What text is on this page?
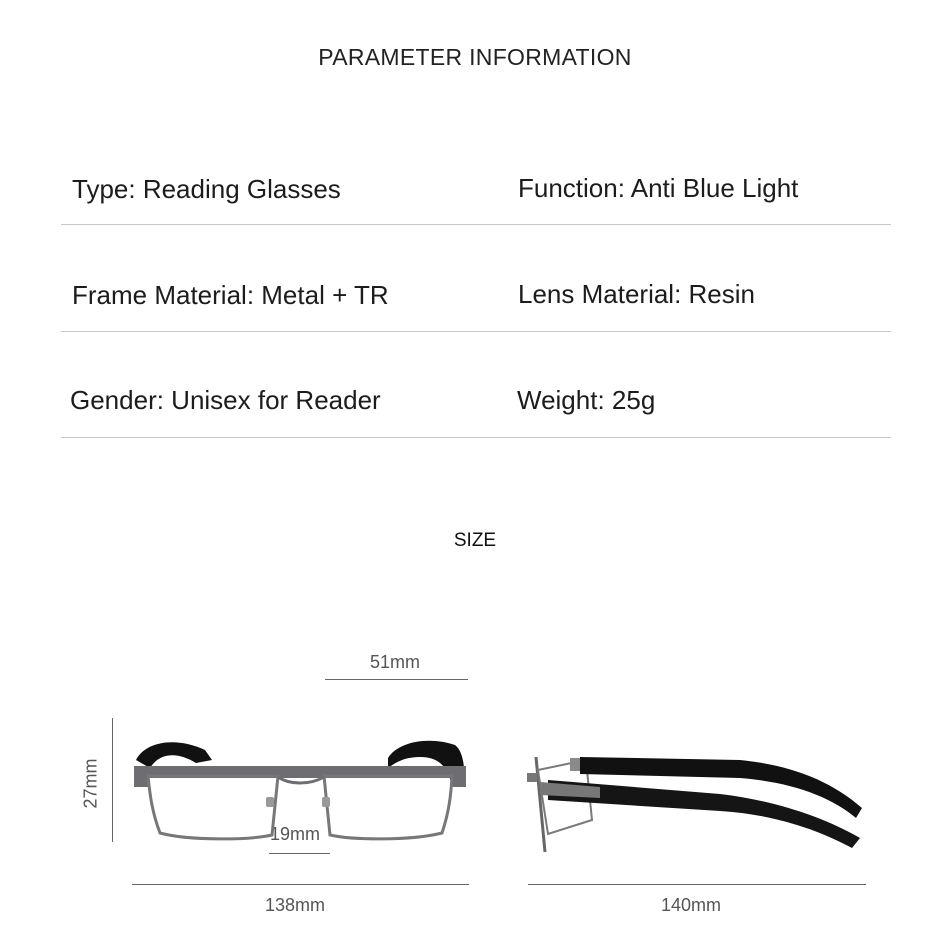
PARAMETER INFORMATION
Type: Reading Glasses	Function: Anti Blue Light
Frame Material: Metal + TR	Lens Material: Resin
Gender: Unisex for Reader	Weight: 25g
SIZE
51mm
27mm
19mm
138mm	140mm
